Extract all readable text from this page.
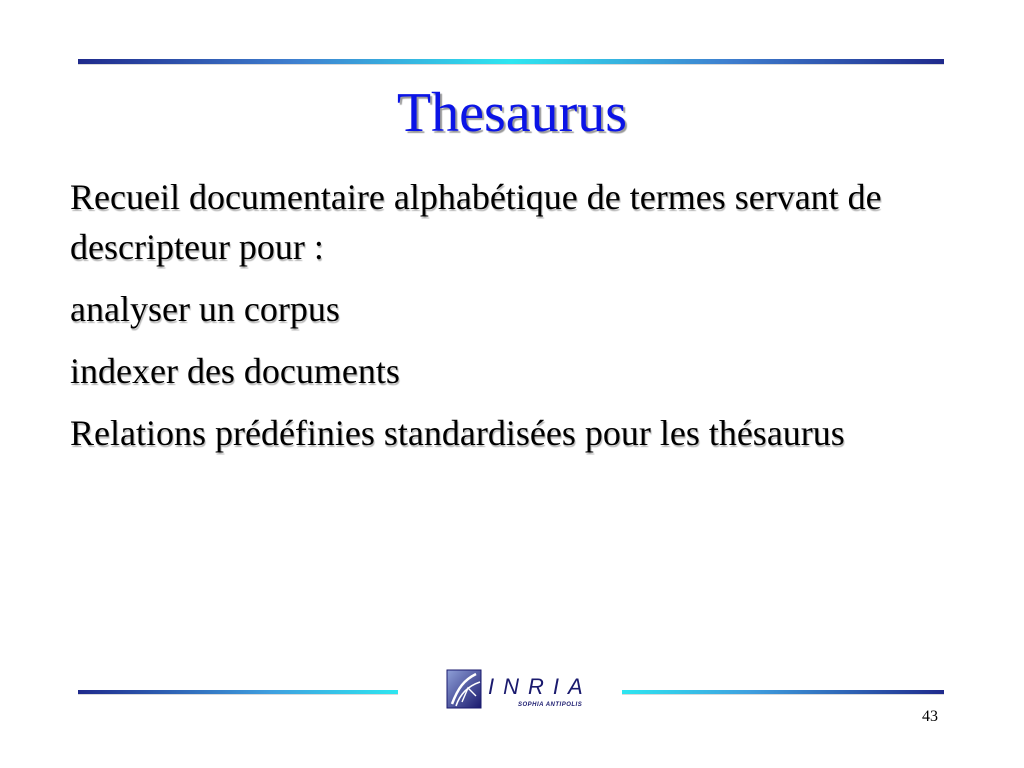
Thesaurus

Recueil documentaire alphabétique de termes servant de descripteur pour :

analyser un corpus

indexer des documents

Relations prédéfinies standardisées pour les thésaurus

INRIA
SOPHIA ANTIPOLIS
43
